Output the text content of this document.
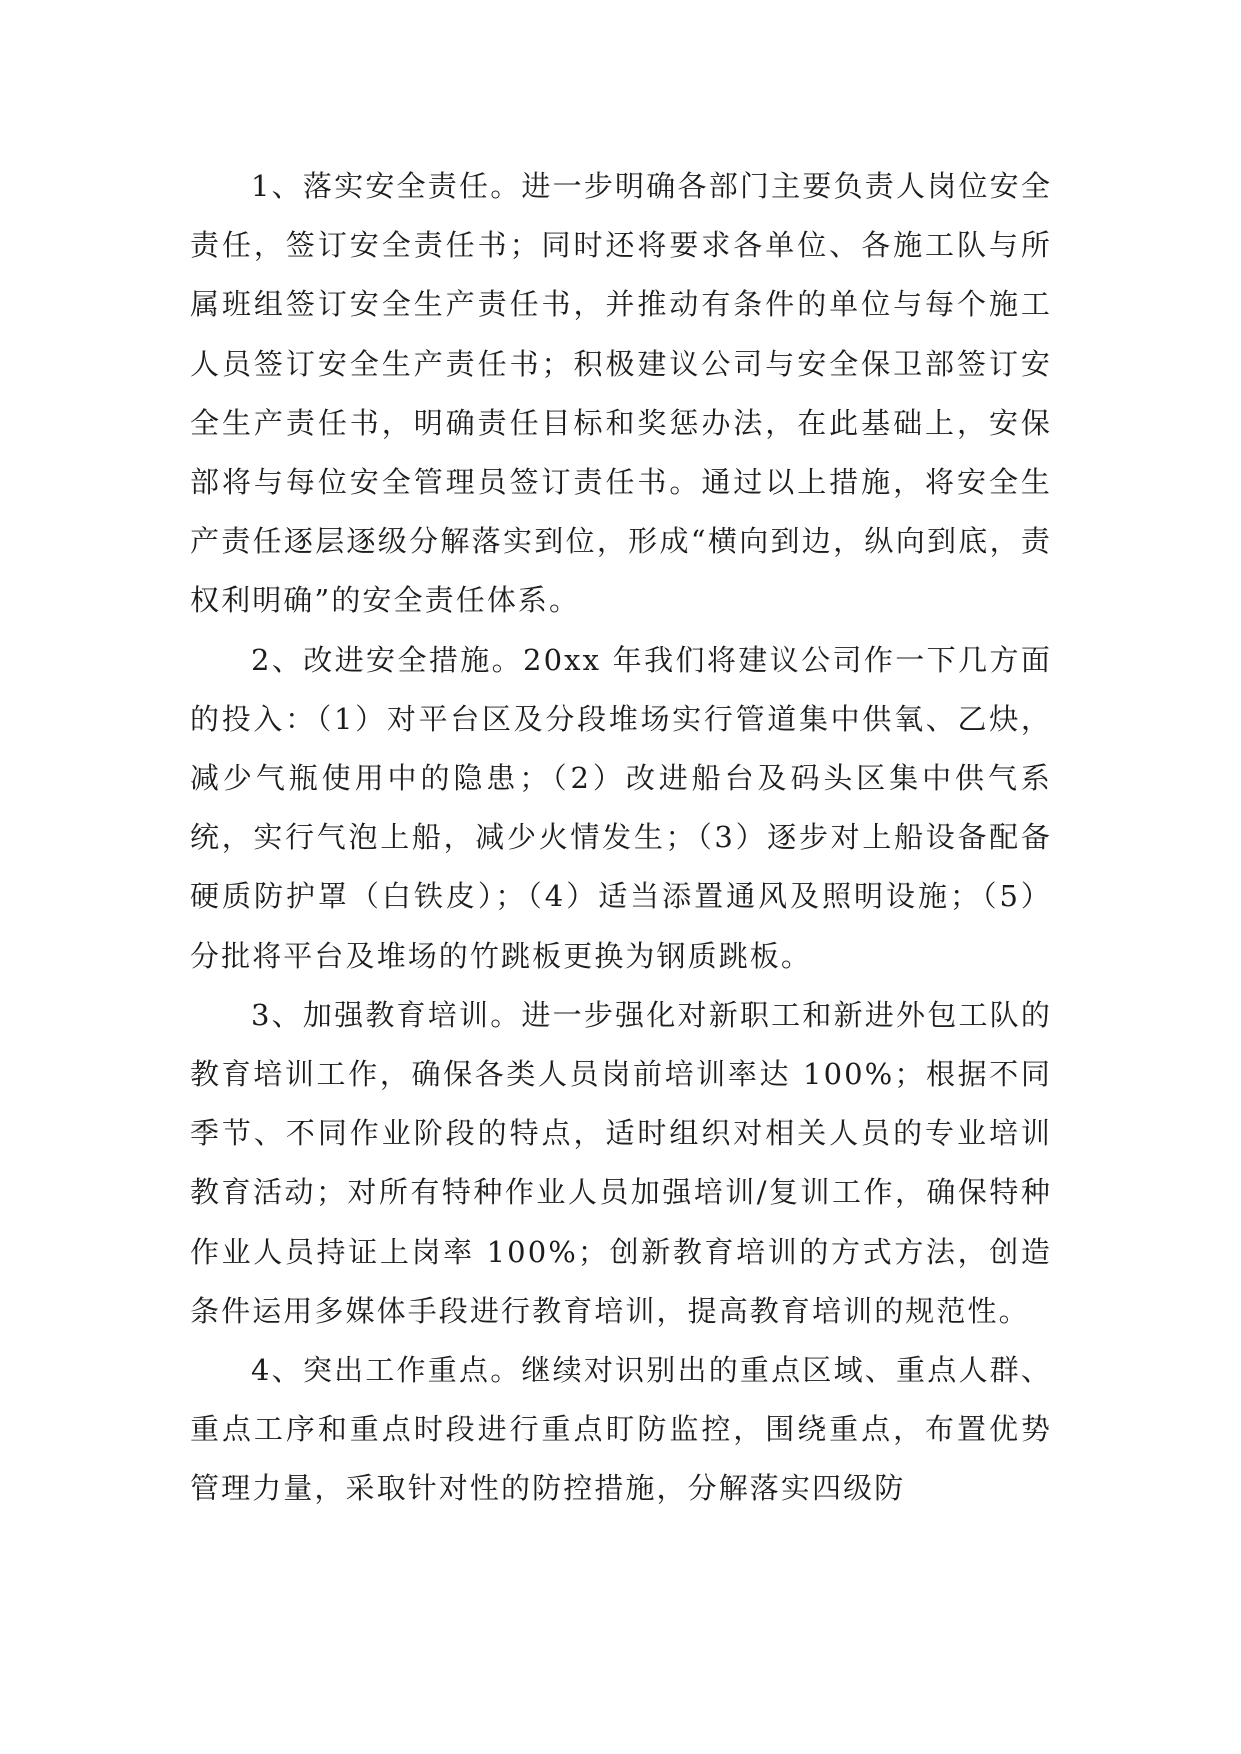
1、落实安全责任。进一步明确各部门主要负责人岗位安全责任，签订安全责任书；同时还将要求各单位、各施工队与所属班组签订安全生产责任书，并推动有条件的单位与每个施工人员签订安全生产责任书；积极建议公司与安全保卫部签订安全生产责任书，明确责任目标和奖惩办法，在此基础上，安保部将与每位安全管理员签订责任书。通过以上措施，将安全生产责任逐层逐级分解落实到位，形成“横向到边，纵向到底，责权利明确”的安全责任体系。

2、改进安全措施。20xx 年我们将建议公司作一下几方面的投入：（1）对平台区及分段堆场实行管道集中供氧、乙炔，减少气瓶使用中的隐患；（2）改进船台及码头区集中供气系统，实行气泡上船，减少火情发生；（3）逐步对上船设备配备硬质防护罩（白铁皮）；（4）适当添置通风及照明设施；（5）分批将平台及堆场的竹跳板更换为钢质跳板。

3、加强教育培训。进一步强化对新职工和新进外包工队的教育培训工作，确保各类人员岗前培训率达 100%；根据不同季节、不同作业阶段的特点，适时组织对相关人员的专业培训教育活动；对所有特种作业人员加强培训/复训工作，确保特种作业人员持证上岗率 100%；创新教育培训的方式方法，创造条件运用多媒体手段进行教育培训，提高教育培训的规范性。

4、突出工作重点。继续对识别出的重点区域、重点人群、重点工序和重点时段进行重点盯防监控，围绕重点，布置优势管理力量，采取针对性的防控措施，分解落实四级防
